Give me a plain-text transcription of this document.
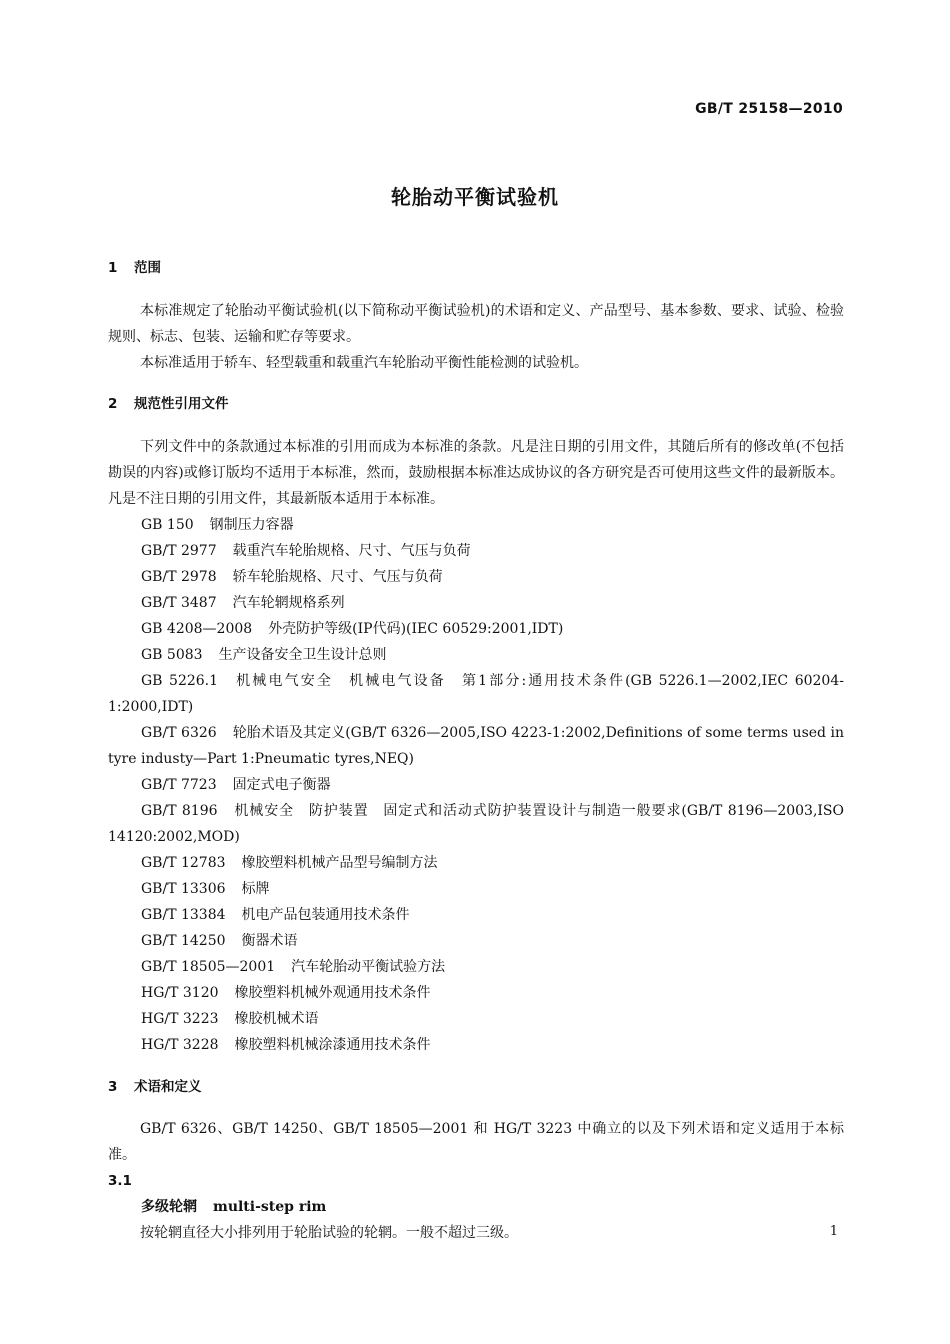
GB/T 25158—2010
轮胎动平衡试验机
1 范围

本标准规定了轮胎动平衡试验机(以下简称动平衡试验机)的术语和定义、产品型号、基本参数、要求、试验、检验规则、标志、包装、运输和贮存等要求。

本标准适用于轿车、轻型载重和载重汽车轮胎动平衡性能检测的试验机。

2 规范性引用文件

下列文件中的条款通过本标准的引用而成为本标准的条款。凡是注日期的引用文件，其随后所有的修改单(不包括勘误的内容)或修订版均不适用于本标准，然而，鼓励根据本标准达成协议的各方研究是否可使用这些文件的最新版本。凡是不注日期的引用文件，其最新版本适用于本标准。

GB 150 钢制压力容器

GB/T 2977 载重汽车轮胎规格、尺寸、气压与负荷

GB/T 2978 轿车轮胎规格、尺寸、气压与负荷

GB/T 3487 汽车轮辋规格系列

GB 4208—2008 外壳防护等级(IP代码)(IEC 60529:2001,IDT)

GB 5083 生产设备安全卫生设计总则

GB 5226.1 机械电气安全　机械电气设备　第1部分:通用技术条件(GB 5226.1—2002,IEC 60204-1:2000,IDT)

GB/T 6326 轮胎术语及其定义(GB/T 6326—2005,ISO 4223-1:2002,Definitions of some terms used in tyre industy—Part 1:Pneumatic tyres,NEQ)

GB/T 7723 固定式电子衡器

GB/T 8196 机械安全　防护装置　固定式和活动式防护装置设计与制造一般要求(GB/T 8196—2003,ISO 14120:2002,MOD)

GB/T 12783 橡胶塑料机械产品型号编制方法

GB/T 13306 标牌

GB/T 13384 机电产品包装通用技术条件

GB/T 14250 衡器术语

GB/T 18505—2001 汽车轮胎动平衡试验方法

HG/T 3120 橡胶塑料机械外观通用技术条件

HG/T 3223 橡胶机械术语

HG/T 3228 橡胶塑料机械涂漆通用技术条件

3 术语和定义

GB/T 6326、GB/T 14250、GB/T 18505—2001 和 HG/T 3223 中确立的以及下列术语和定义适用于本标准。

3.1
多级轮辋 multi-step rim

按轮辋直径大小排列用于轮胎试验的轮辋。一般不超过三级。	1
